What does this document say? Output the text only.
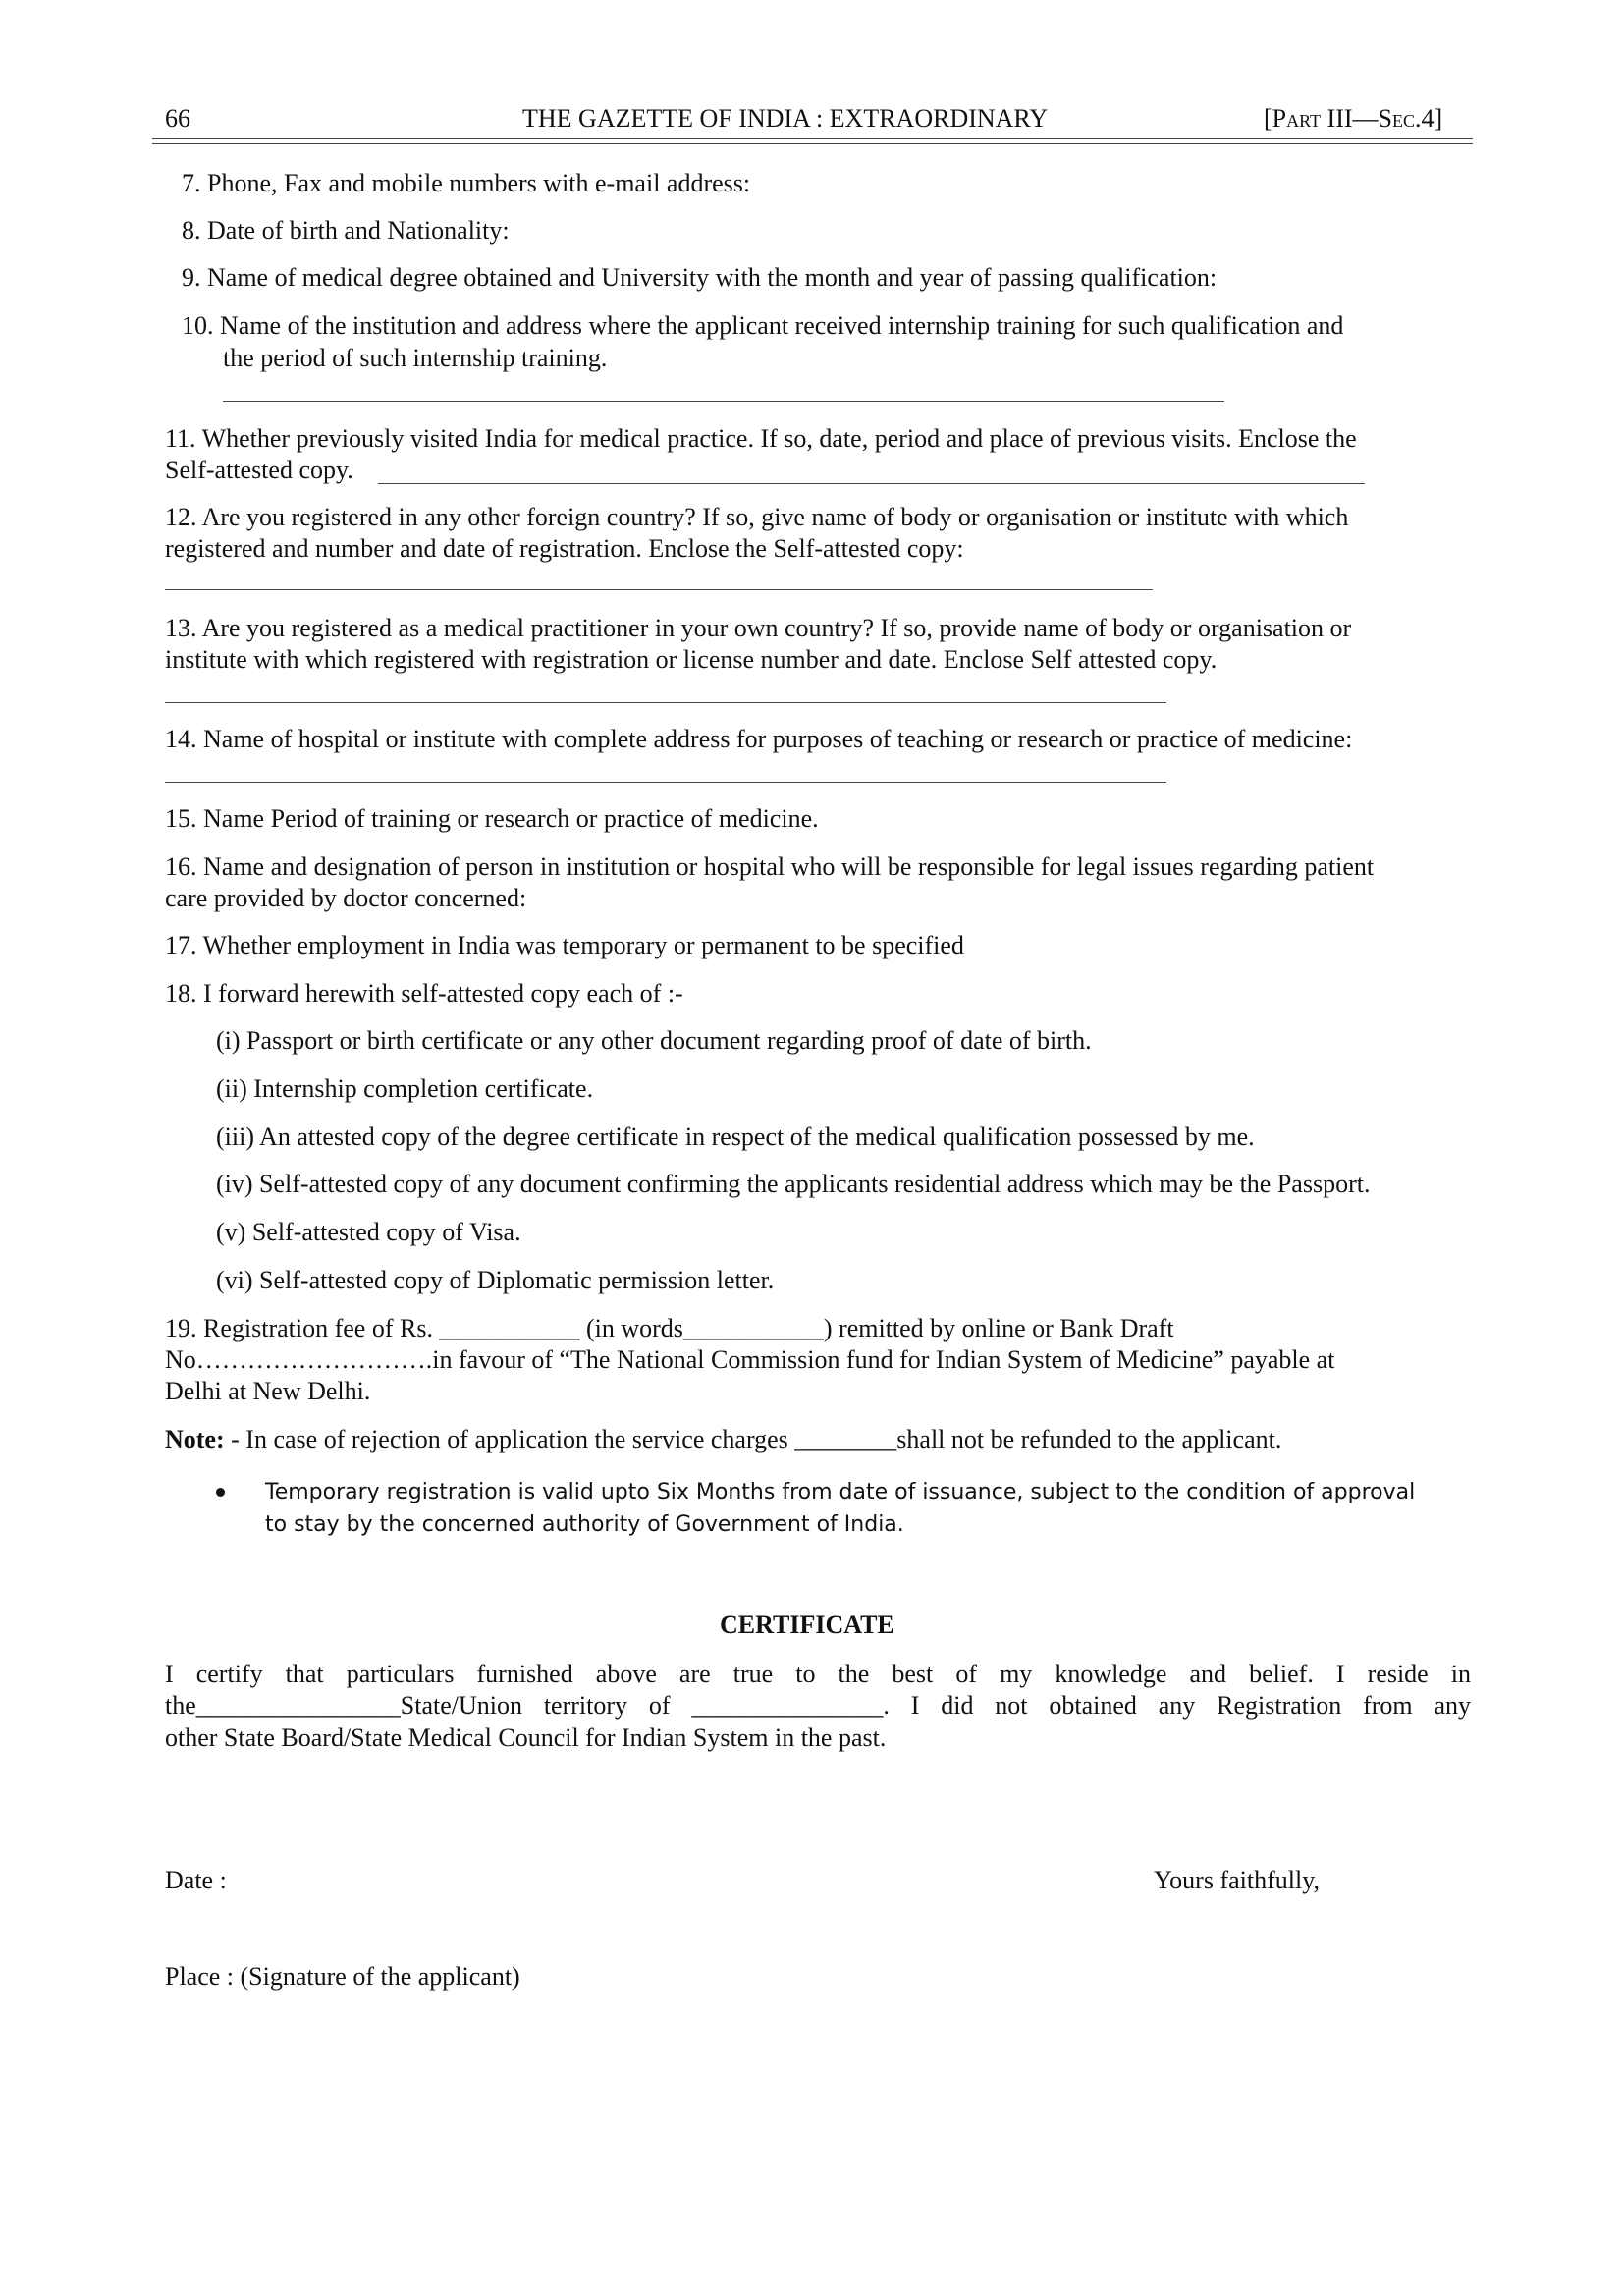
66	THE GAZETTE OF INDIA : EXTRAORDINARY	[Part III—Sec.4]
7. Phone, Fax and mobile numbers with e-mail address:
8. Date of birth and Nationality:
9. Name of medical degree obtained and University with the month and year of passing qualification:
10. Name of the institution and address where the applicant received internship training for such qualification and
the period of such internship training.
11. Whether previously visited India for medical practice. If so, date, period and place of previous visits. Enclose the
Self-attested copy.
12. Are you registered in any other foreign country? If so, give name of body or organisation or institute with which
registered and number and date of registration. Enclose the Self-attested copy:
13. Are you registered as a medical practitioner in your own country? If so, provide name of body or organisation or
institute with which registered with registration or license number and date. Enclose Self attested copy.
14. Name of hospital or institute with complete address for purposes of teaching or research or practice of medicine:
15. Name Period of training or research or practice of medicine.
16. Name and designation of person in institution or hospital who will be responsible for legal issues regarding patient
care provided by doctor concerned:
17. Whether employment in India was temporary or permanent to be specified
18. I forward herewith self-attested copy each of :-
(i) Passport or birth certificate or any other document regarding proof of date of birth.
(ii) Internship completion certificate.
(iii) An attested copy of the degree certificate in respect of the medical qualification possessed by me.
(iv) Self-attested copy of any document confirming the applicants residential address which may be the Passport.
(v) Self-attested copy of Visa.
(vi) Self-attested copy of Diplomatic permission letter.
19. Registration fee of Rs. ___________ (in words___________) remitted by online or Bank Draft
No……………………….in favour of “The National Commission fund for Indian System of Medicine” payable at
Delhi at New Delhi.
Note: - In case of rejection of application the service charges ________shall not be refunded to the applicant.
Temporary registration is valid upto Six Months from date of issuance, subject to the condition of approval
to stay by the concerned authority of Government of India.
CERTIFICATE
I certify that particulars furnished above are true to the best of my knowledge and belief. I reside in
the________________State/Union territory of _______________. I did not obtained any Registration from any
other State Board/State Medical Council for Indian System in the past.
Date :	Yours faithfully,
Place : (Signature of the applicant)
